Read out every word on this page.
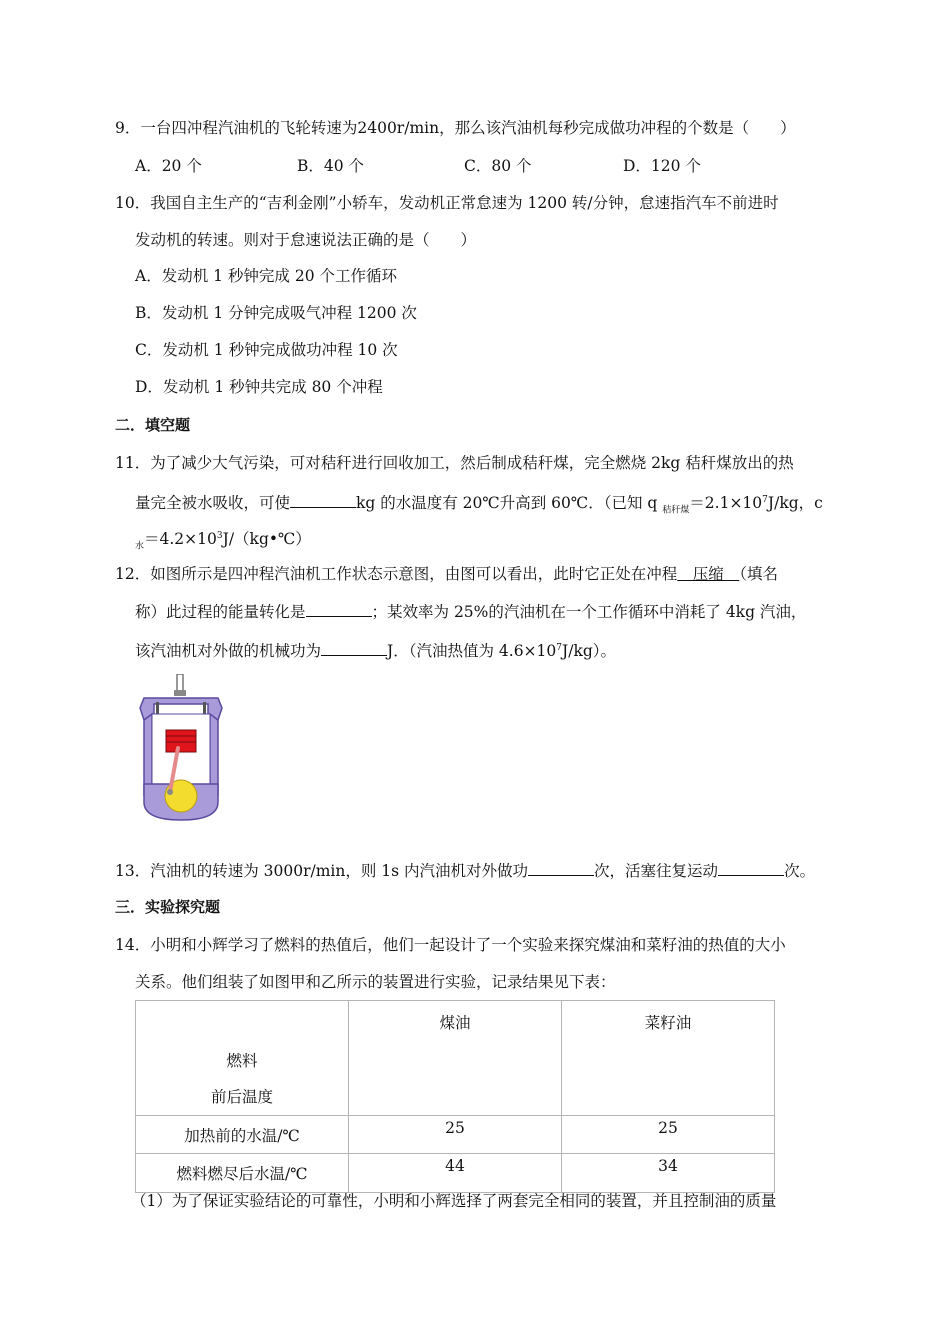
9．一台四冲程汽油机的飞轮转速为2400r/min，那么该汽油机每秒完成做功冲程的个数是（　　）
A．20 个	B．40 个	C．80 个	D．120 个
10．我国自主生产的“吉利金刚”小轿车，发动机正常怠速为 1200 转/分钟，怠速指汽车不前进时
发动机的转速。则对于怠速说法正确的是（　　）
A．发动机 1 秒钟完成 20 个工作循环
B．发动机 1 分钟完成吸气冲程 1200 次
C．发动机 1 秒钟完成做功冲程 10 次
D．发动机 1 秒钟共完成 80 个冲程
二．填空题
11．为了减少大气污染，可对秸秆进行回收加工，然后制成秸秆煤，完全燃烧 2kg 秸秆煤放出的热
量完全被水吸收，可使	kg 的水温度有 20℃升高到 60℃．（已知 q $_{秸秆煤}=2.1\times 10^7J/kg$，c
$_水=4.2\times 10^3J/(kg•℃)$
12．如图所示是四冲程汽油机工作状态示意图，由图可以看出，此时它正处在冲程　压缩　（填名
称）此过程的能量转化是	；某效率为 25%的汽油机在一个工作循环中消耗了 4kg 汽油，
该汽油机对外做的机械功为	J．（汽油热值为 $4.6\times 10^7J/kg$）。
13．汽油机的转速为 3000r/min，则 1s 内汽油机对外做功	次，活塞往复运动	次。
三．实验探究题
14．小明和小辉学习了燃料的热值后，他们一起设计了一个实验来探究煤油和菜籽油的热值的大小
关系。他们组装了如图甲和乙所示的装置进行实验，记录结果见下表：
燃料
前后温度	煤油	菜籽油
加热前的水温/℃	25	25
燃料燃尽后水温/℃	44	34
（1）为了保证实验结论的可靠性，小明和小辉选择了两套完全相同的装置，并且控制油的质量
